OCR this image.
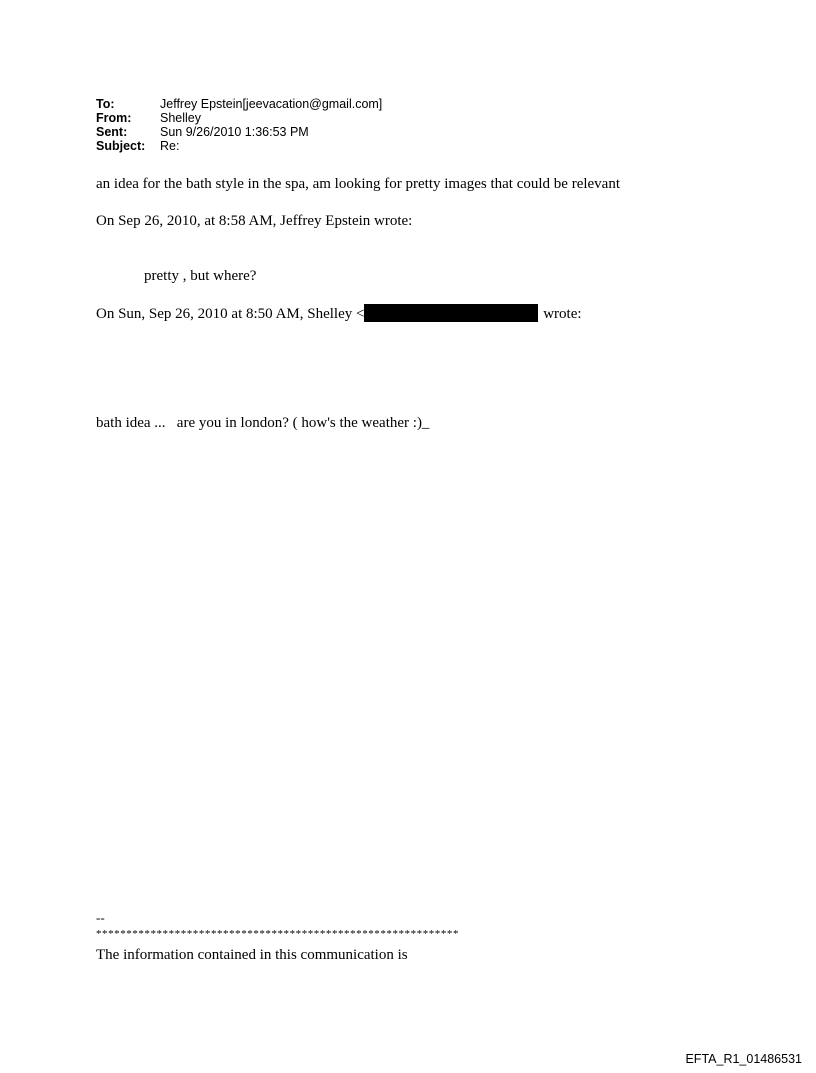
To:	Jeffrey Epstein[jeevacation@gmail.com]
From:	Shelley
Sent:	Sun 9/26/2010 1:36:53 PM
Subject:	Re:
an idea for the bath style in the spa, am looking for pretty images that could be relevant
On Sep 26, 2010, at 8:58 AM, Jeffrey Epstein wrote:
pretty , but where?
On Sun, Sep 26, 2010 at 8:50 AM, Shelley <	wrote:
bath idea ...   are you in london? ( how's the weather :)_
--
************************************************************
The information contained in this communication is
EFTA_R1_01486531
